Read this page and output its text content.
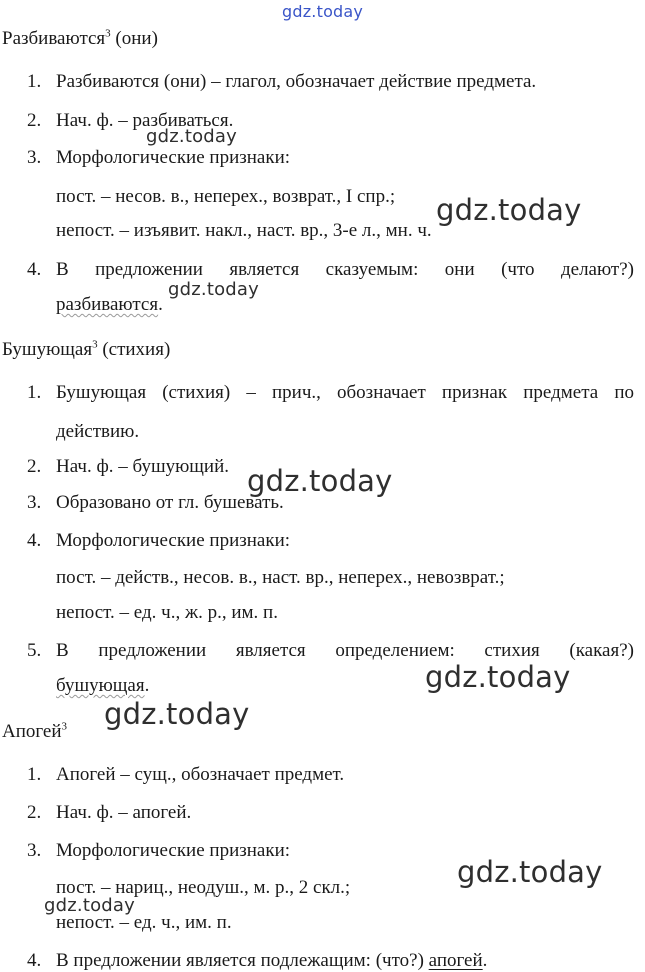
gdz.today
gdz.today
gdz.today
gdz.today
gdz.today
gdz.today
gdz.today
gdz.today
gdz.today
Разбиваются$^3$ (они)
1. Разбиваются (они) – глагол, обозначает действие предмета.
2. Нач. ф. – разбиваться.
3. Морфологические признаки:
пост. – несов. в., неперех., возврат., I спр.;
непост. – изъявит. накл., наст. вр., 3-е л., мн. ч.
4. В предложении является сказуемым: они (что делают?)
разбиваются.
Бушующая$^3$ (стихия)
1. Бушующая (стихия) – прич., обозначает признак предмета по
действию.
2. Нач. ф. – бушующий.
3. Образовано от гл. бушевать.
4. Морфологические признаки:
пост. – действ., несов. в., наст. вр., неперех., невозврат.;
непост. – ед. ч., ж. р., им. п.
5. В предложении является определением: стихия (какая?)
бушующая.
Апогей$^3$
1. Апогей – сущ., обозначает предмет.
2. Нач. ф. – апогей.
3. Морфологические признаки:
пост. – нариц., неодуш., м. р., 2 скл.;
непост. – ед. ч., им. п.
4. В предложении является подлежащим: (что?) апогей.
